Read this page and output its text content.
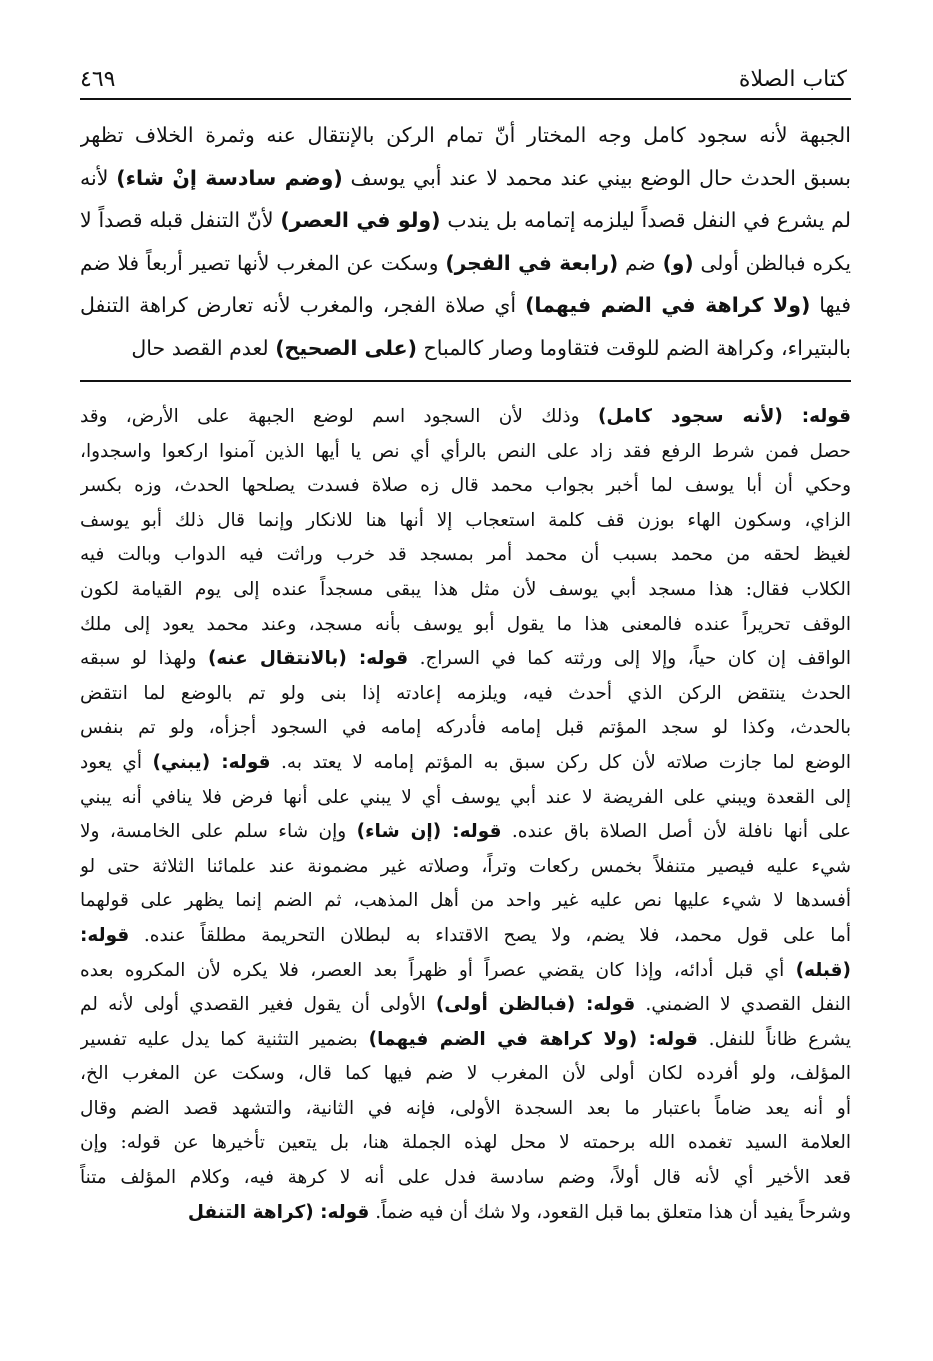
كتاب الصلاة
٤٦٩
الجبهة لأنه سجود كامل وجه المختار أنّ تمام الركن بالإنتقال عنه وثمرة الخلاف تظهر
بسبق الحدث حال الوضع بيني عند محمد لا عند أبي يوسف (وضم سادسة إنْ شاء) لأنه
لم يشرع في النفل قصداً ليلزمه إتمامه بل يندب (ولو في العصر) لأنّ التنفل قبله قصداً لا
يكره فبالظن أولى (و) ضم (رابعة في الفجر) وسكت عن المغرب لأنها تصير أربعاً فلا ضم
فيها (ولا كراهة في الضم فيهما) أي صلاة الفجر، والمغرب لأنه تعارض كراهة التنفل
بالبتيراء، وكراهة الضم للوقت فتقاوما وصار كالمباح (على الصحيح) لعدم القصد حال
قوله: (لأنه سجود كامل) وذلك لأن السجود اسم لوضع الجبهة على الأرض، وقد
حصل فمن شرط الرفع فقد زاد على النص بالرأي أي نص يا أيها الذين آمنوا اركعوا واسجدوا،
وحكي أن أبا يوسف لما أخبر بجواب محمد قال زه صلاة فسدت يصلحها الحدث، وزه بكسر
الزاي، وسكون الهاء بوزن قف كلمة استعجاب إلا أنها هنا للانكار وإنما قال ذلك أبو يوسف
لغيظ لحقه من محمد بسبب أن محمد أمر بمسجد قد خرب وراثت فيه الدواب وبالت فيه
الكلاب فقال: هذا مسجد أبي يوسف لأن مثل هذا يبقى مسجداً عنده إلى يوم القيامة لكون
الوقف تحريراً عنده فالمعنى هذا ما يقول أبو يوسف بأنه مسجد، وعند محمد يعود إلى ملك
الواقف إن كان حياً، وإلا إلى ورثته كما في السراج. قوله: (بالانتقال عنه) ولهذا لو سبقه
الحدث ينتقض الركن الذي أحدث فيه، ويلزمه إعادته إذا بنى ولو تم بالوضع لما انتقض
بالحدث، وكذا لو سجد المؤتم قبل إمامه فأدركه إمامه في السجود أجزأه، ولو تم بنفس
الوضع لما جازت صلاته لأن كل ركن سبق به المؤتم إمامه لا يعتد به. قوله: (يبني) أي يعود
إلى القعدة ويبني على الفريضة لا عند أبي يوسف أي لا يبني على أنها فرض فلا ينافي أنه يبني
على أنها نافلة لأن أصل الصلاة باق عنده. قوله: (إن شاء) وإن شاء سلم على الخامسة، ولا
شيء عليه فيصير متنفلاً بخمس ركعات وتراً، وصلاته غير مضمونة عند علمائنا الثلاثة حتى لو
أفسدها لا شيء عليها نص عليه غير واحد من أهل المذهب، ثم الضم إنما يظهر على قولهما
أما على قول محمد، فلا يضم، ولا يصح الاقتداء به لبطلان التحريمة مطلقاً عنده. قوله:
(قبله) أي قبل أدائه، وإذا كان يقضي عصراً أو ظهراً بعد العصر، فلا يكره لأن المكروه بعده
النفل القصدي لا الضمني. قوله: (فبالظن أولى) الأولى أن يقول فغير القصدي أولى لأنه لم
يشرع ظاناً للنفل. قوله: (ولا كراهة في الضم فيهما) بضمير التثنية كما يدل عليه تفسير
المؤلف، ولو أفرده لكان أولى لأن المغرب لا ضم فيها كما قال، وسكت عن المغرب الخ،
أو أنه يعد ضاماً باعتبار ما بعد السجدة الأولى، فإنه في الثانية، والتشهد قصد الضم وقال
العلامة السيد تغمده الله برحمته لا محل لهذه الجملة هنا، بل يتعين تأخيرها عن قوله: وإن
قعد الأخير أي لأنه قال أولاً، وضم سادسة فدل على أنه لا كرهة فيه، وكلام المؤلف متناً
وشرحاً يفيد أن هذا متعلق بما قبل القعود، ولا شك أن فيه ضماً. قوله: (كراهة التنفل
